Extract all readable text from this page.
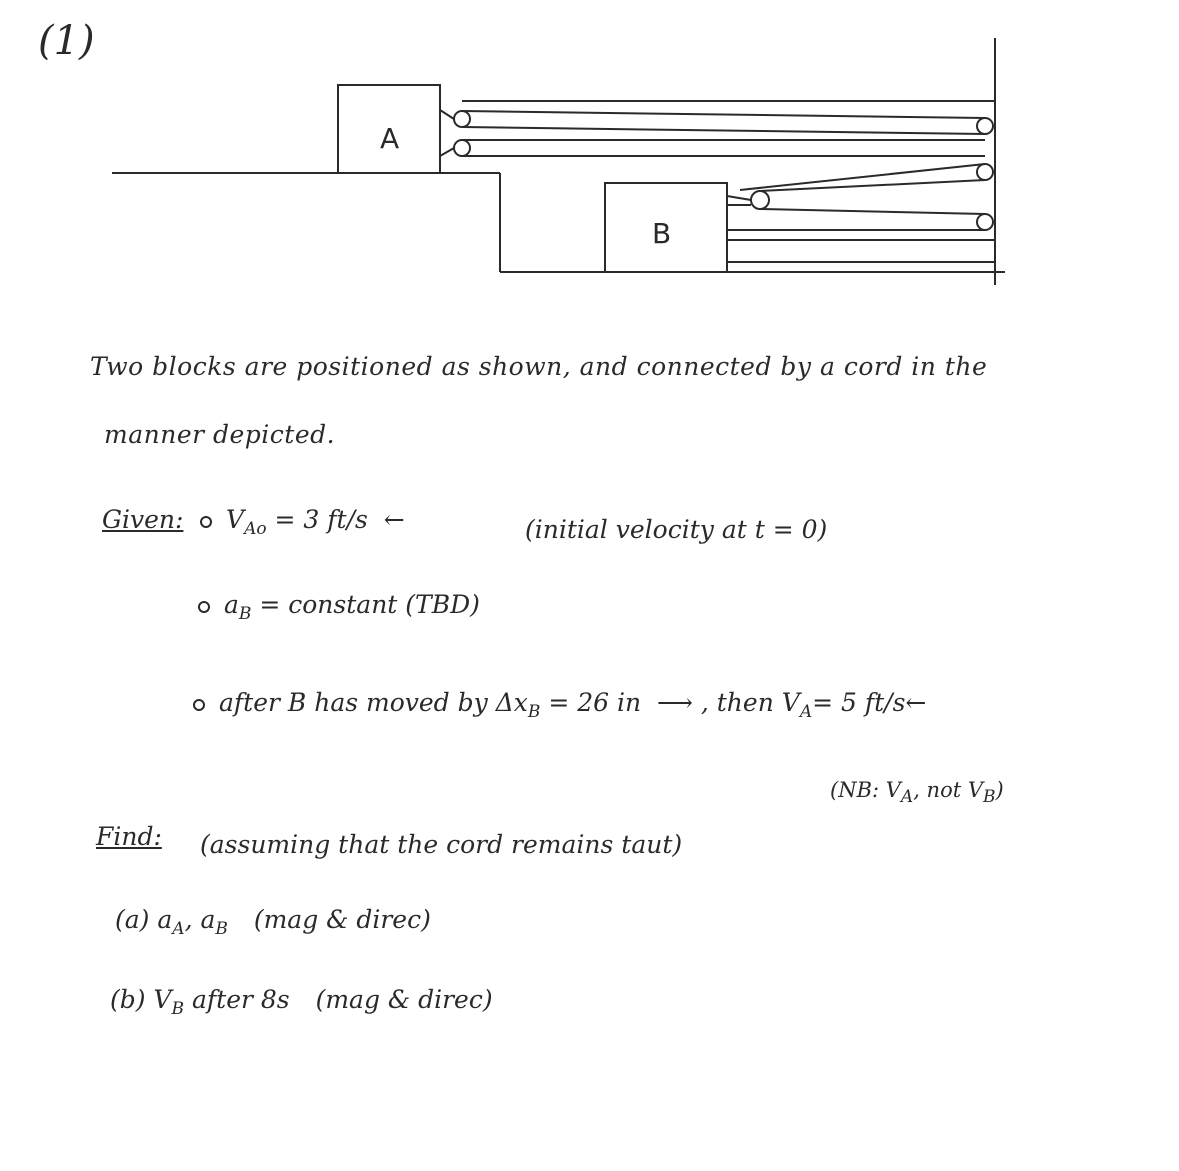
(1)
A
B
Two blocks are positioned as shown, and connected by a cord in the
manner depicted.
Given:	$V_{Ao} = 3$ ft/s ←	(initial velocity at t = 0)
$a_B$ = constant (TBD)
after B has moved by $\Delta x_B = 26$ in ⟶ , then $V_A= 5$ ft/s←
(NB: $V_A$, not $V_B$)
Find: (assuming that the cord remains taut)
(a) $a_A$, $a_B$ (mag & direc)
(b) $V_B$ after 8s (mag & direc)
